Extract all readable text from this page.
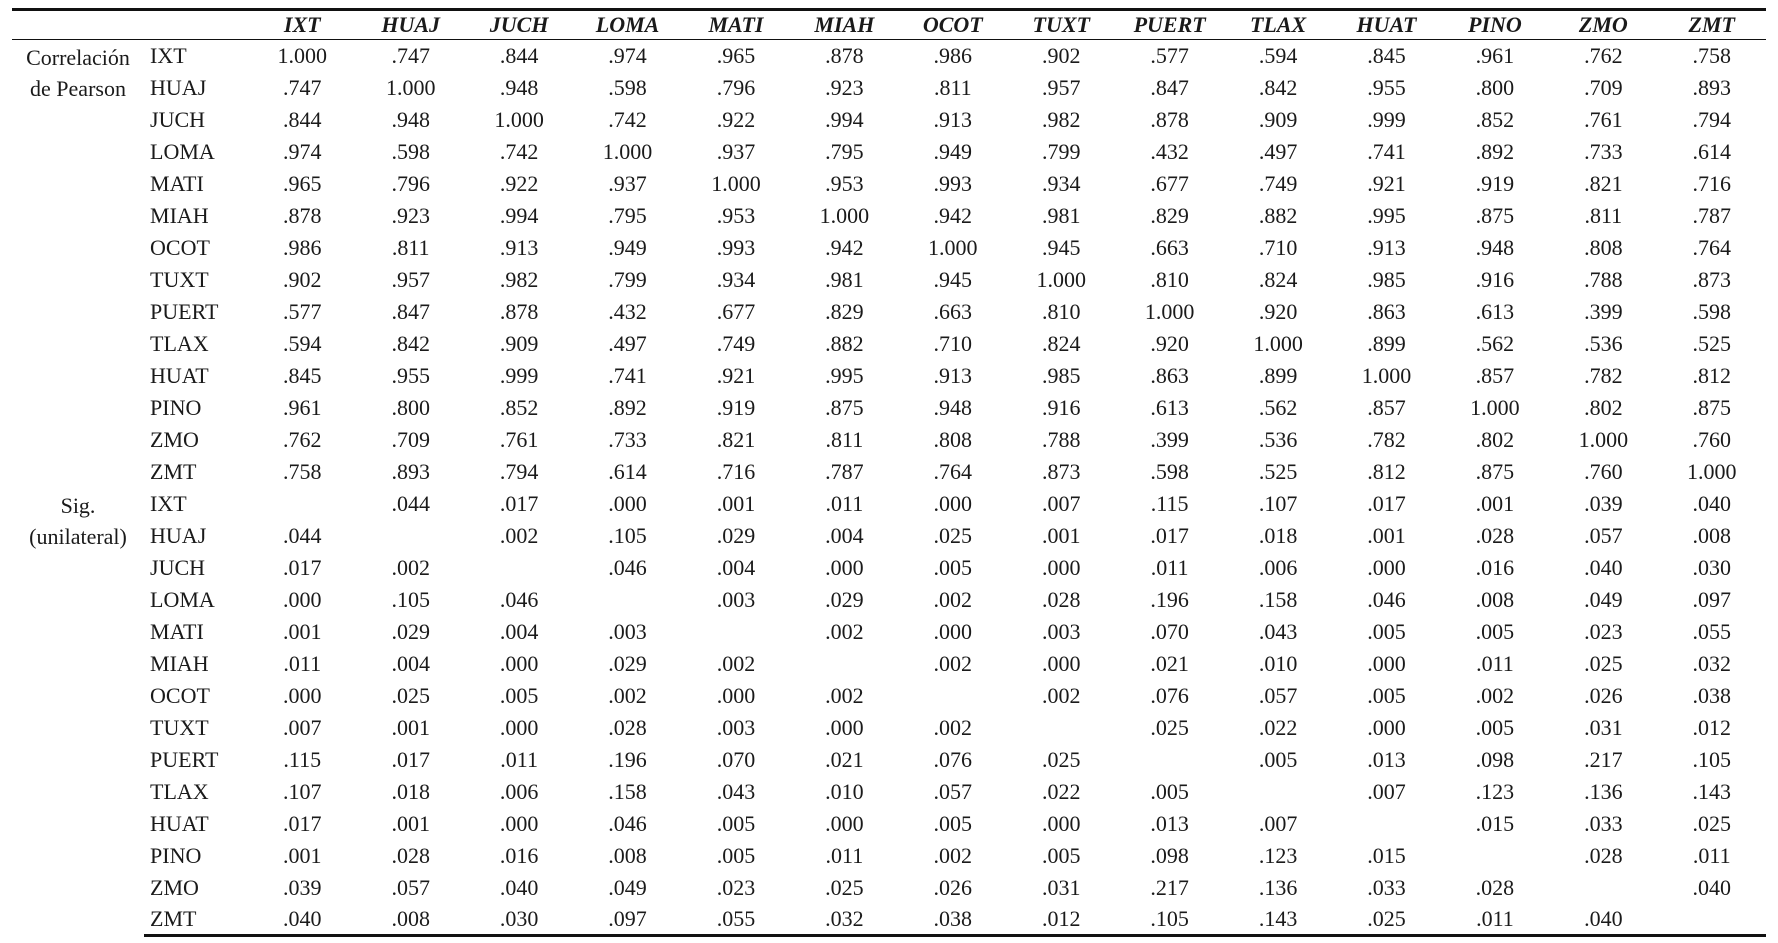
		IXT	HUAJ	JUCH	LOMA	MATI	MIAH	OCOT	TUXT	PUERT	TLAX	HUAT	PINO	ZMO	ZMT

Correlación
de Pearson	IXT	1.000	.747	.844	.974	.965	.878	.986	.902	.577	.594	.845	.961	.762	.758
	HUAJ	.747	1.000	.948	.598	.796	.923	.811	.957	.847	.842	.955	.800	.709	.893
	JUCH	.844	.948	1.000	.742	.922	.994	.913	.982	.878	.909	.999	.852	.761	.794
	LOMA	.974	.598	.742	1.000	.937	.795	.949	.799	.432	.497	.741	.892	.733	.614
	MATI	.965	.796	.922	.937	1.000	.953	.993	.934	.677	.749	.921	.919	.821	.716
	MIAH	.878	.923	.994	.795	.953	1.000	.942	.981	.829	.882	.995	.875	.811	.787
	OCOT	.986	.811	.913	.949	.993	.942	1.000	.945	.663	.710	.913	.948	.808	.764
	TUXT	.902	.957	.982	.799	.934	.981	.945	1.000	.810	.824	.985	.916	.788	.873
	PUERT	.577	.847	.878	.432	.677	.829	.663	.810	1.000	.920	.863	.613	.399	.598
	TLAX	.594	.842	.909	.497	.749	.882	.710	.824	.920	1.000	.899	.562	.536	.525
	HUAT	.845	.955	.999	.741	.921	.995	.913	.985	.863	.899	1.000	.857	.782	.812
	PINO	.961	.800	.852	.892	.919	.875	.948	.916	.613	.562	.857	1.000	.802	.875
	ZMO	.762	.709	.761	.733	.821	.811	.808	.788	.399	.536	.782	.802	1.000	.760
	ZMT	.758	.893	.794	.614	.716	.787	.764	.873	.598	.525	.812	.875	.760	1.000

Sig.
(unilateral)	IXT		.044	.017	.000	.001	.011	.000	.007	.115	.107	.017	.001	.039	.040
	HUAJ	.044		.002	.105	.029	.004	.025	.001	.017	.018	.001	.028	.057	.008
	JUCH	.017	.002		.046	.004	.000	.005	.000	.011	.006	.000	.016	.040	.030
	LOMA	.000	.105	.046		.003	.029	.002	.028	.196	.158	.046	.008	.049	.097
	MATI	.001	.029	.004	.003		.002	.000	.003	.070	.043	.005	.005	.023	.055
	MIAH	.011	.004	.000	.029	.002		.002	.000	.021	.010	.000	.011	.025	.032
	OCOT	.000	.025	.005	.002	.000	.002		.002	.076	.057	.005	.002	.026	.038
	TUXT	.007	.001	.000	.028	.003	.000	.002		.025	.022	.000	.005	.031	.012
	PUERT	.115	.017	.011	.196	.070	.021	.076	.025		.005	.013	.098	.217	.105
	TLAX	.107	.018	.006	.158	.043	.010	.057	.022	.005		.007	.123	.136	.143
	HUAT	.017	.001	.000	.046	.005	.000	.005	.000	.013	.007		.015	.033	.025
	PINO	.001	.028	.016	.008	.005	.011	.002	.005	.098	.123	.015		.028	.011
	ZMO	.039	.057	.040	.049	.023	.025	.026	.031	.217	.136	.033	.028		.040
	ZMT	.040	.008	.030	.097	.055	.032	.038	.012	.105	.143	.025	.011	.040	
